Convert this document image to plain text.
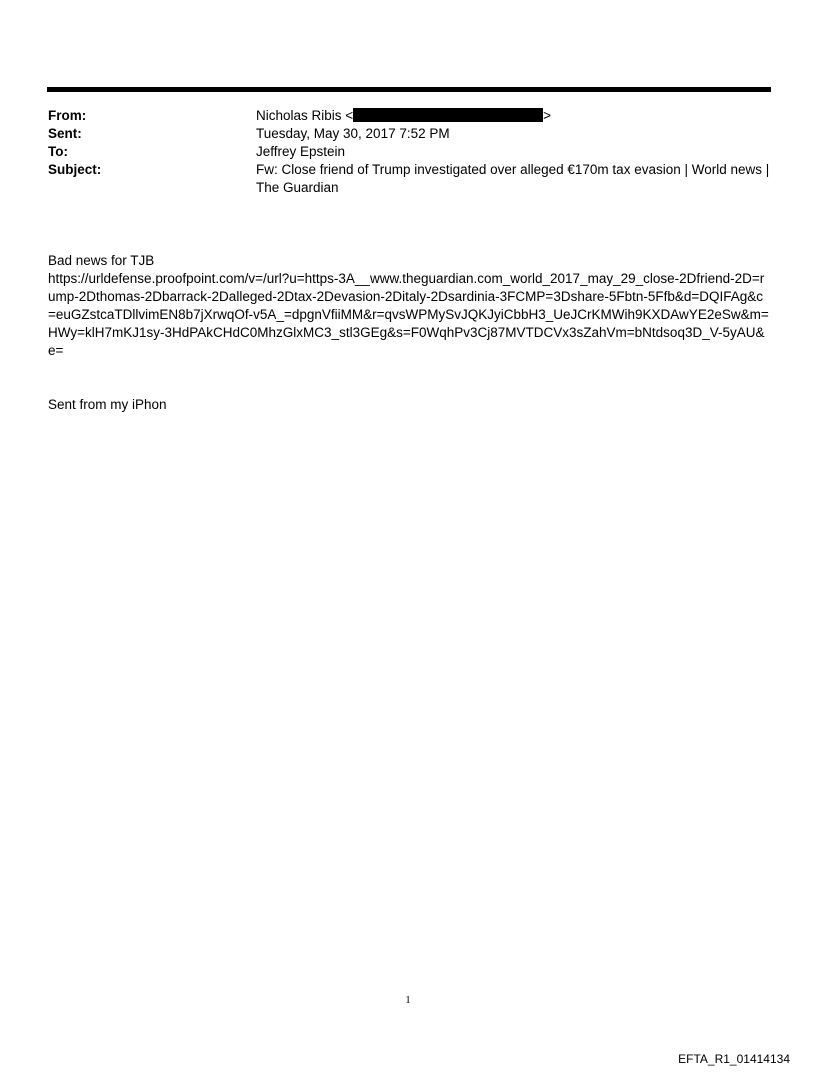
From:	Nicholas Ribis <	>
Sent:	Tuesday, May 30, 2017 7:52 PM
To:	Jeffrey Epstein
Subject:	Fw: Close friend of Trump investigated over alleged €170m tax evasion | World news | The Guardian
Bad news for TJB
https://urldefense.proofpoint.com/v=/url?u=https-3A__www.theguardian.com_world_2017_may_29_close-2Dfriend-2D=rump-2Dthomas-2Dbarrack-2Dalleged-2Dtax-2Devasion-2Ditaly-2Dsardinia-3FCMP=3Dshare-5Fbtn-5Ffb&d=DQIFAg&c=euGZstcaTDllvimEN8b7jXrwqOf-v5A_=dpgnVfiiMM&r=qvsWPMySvJQKJyiCbbH3_UeJCrKMWih9KXDAwYE2eSw&m=HWy=klH7mKJ1sy-3HdPAkCHdC0MhzGlxMC3_stl3GEg&s=F0WqhPv3Cj87MVTDCVx3sZahVm=bNtdsoq3D_V-5yAU&e=
Sent from my iPhon
1
EFTA_R1_01414134
